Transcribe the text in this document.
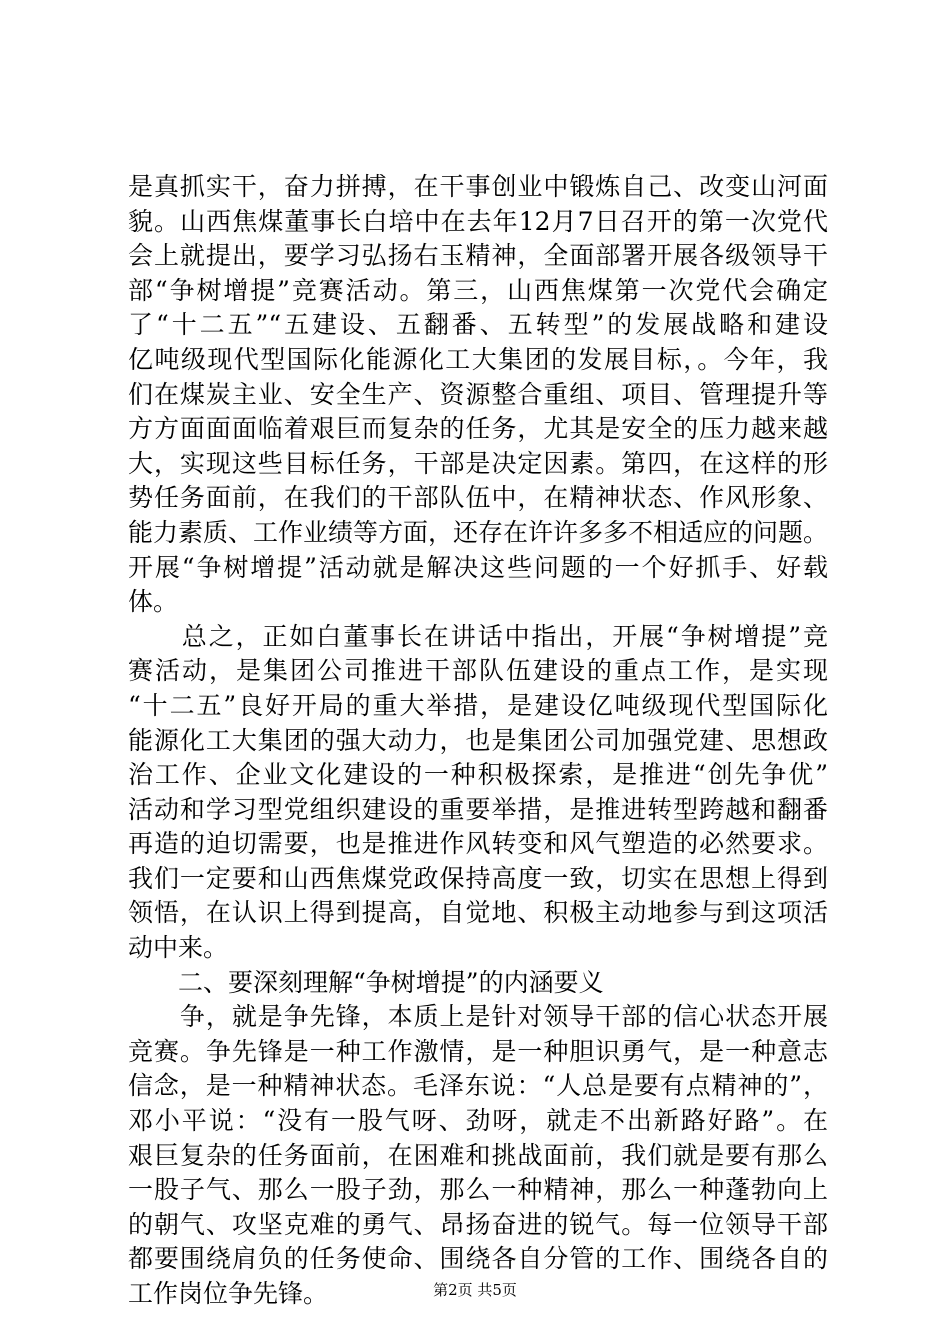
是真抓实干，奋力拼搏，在干事创业中锻炼自己、改变山河面
貌。山西焦煤董事长白培中在去年12月7日召开的第一次党代
会上就提出，要学习弘扬右玉精神，全面部署开展各级领导干
部“争树增提”竞赛活动。第三，山西焦煤第一次党代会确定
了“十二五”“五建设、五翻番、五转型”的发展战略和建设
亿吨级现代型国际化能源化工大集团的发展目标，。今年，我
们在煤炭主业、安全生产、资源整合重组、项目、管理提升等
方方面面面临着艰巨而复杂的任务，尤其是安全的压力越来越
大，实现这些目标任务，干部是决定因素。第四，在这样的形
势任务面前，在我们的干部队伍中，在精神状态、作风形象、
能力素质、工作业绩等方面，还存在许许多多不相适应的问题。
开展“争树增提”活动就是解决这些问题的一个好抓手、好载
体。
　　总之，正如白董事长在讲话中指出，开展“争树增提”竞
赛活动，是集团公司推进干部队伍建设的重点工作，是实现
“十二五”良好开局的重大举措，是建设亿吨级现代型国际化
能源化工大集团的强大动力，也是集团公司加强党建、思想政
治工作、企业文化建设的一种积极探索，是推进“创先争优”
活动和学习型党组织建设的重要举措，是推进转型跨越和翻番
再造的迫切需要，也是推进作风转变和风气塑造的必然要求。
我们一定要和山西焦煤党政保持高度一致，切实在思想上得到
领悟，在认识上得到提高，自觉地、积极主动地参与到这项活
动中来。
　　二、要深刻理解“争树增提”的内涵要义
　　争，就是争先锋，本质上是针对领导干部的信心状态开展
竞赛。争先锋是一种工作激情，是一种胆识勇气，是一种意志
信念，是一种精神状态。毛泽东说：“人总是要有点精神的”，
邓小平说：“没有一股气呀、劲呀，就走不出新路好路”。在
艰巨复杂的任务面前，在困难和挑战面前，我们就是要有那么
一股子气、那么一股子劲，那么一种精神，那么一种蓬勃向上
的朝气、攻坚克难的勇气、昂扬奋进的锐气。每一位领导干部
都要围绕肩负的任务使命、围绕各自分管的工作、围绕各自的
工作岗位争先锋。	第2页 共5页
